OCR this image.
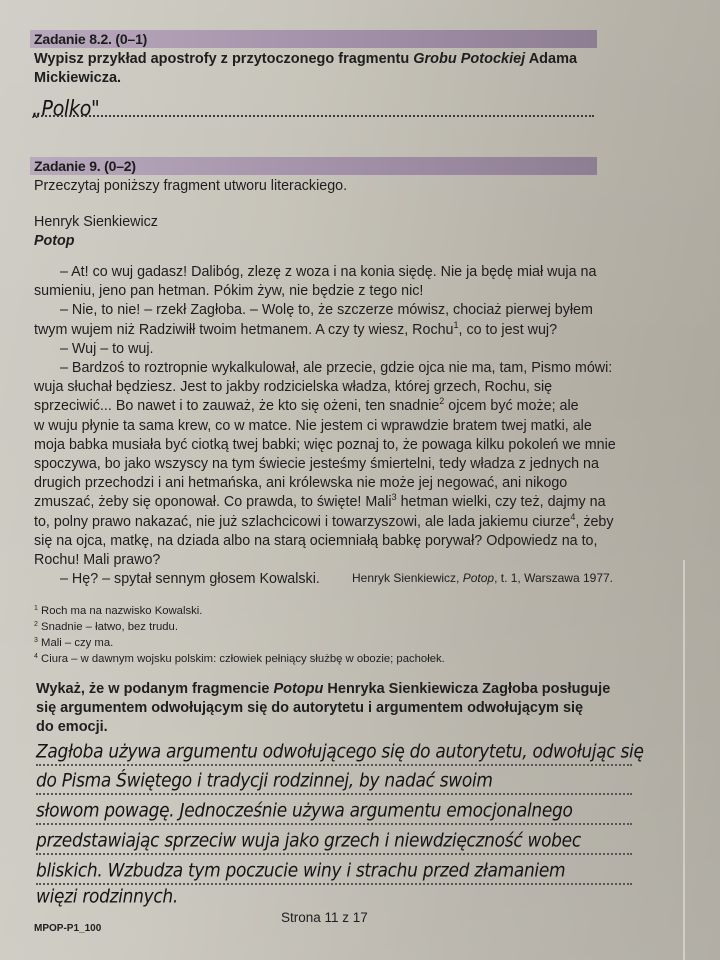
Zadanie 8.2. (0–1)
Wypisz przykład apostrofy z przytoczonego fragmentu Grobu Potockiej Adama
Mickiewicza.
„Polko"
Zadanie 9. (0–2)
Przeczytaj poniższy fragment utworu literackiego.
Henryk Sienkiewicz
Potop

– At! co wuj gadasz! Dalibóg, zlezę z woza i na konia siędę. Nie ja będę miał wuja na

sumieniu, jeno pan hetman. Pókim żyw, nie będzie z tego nic!

– Nie, to nie! – rzekł Zagłoba. – Wolę to, że szczerze mówisz, chociaż pierwej byłem

twym wujem niż Radziwiłł twoim hetmanem. A czy ty wiesz, Rochu$^1$, co to jest wuj?

– Wuj – to wuj.

– Bardzoś to roztropnie wykalkulował, ale przecie, gdzie ojca nie ma, tam, Pismo mówi:

wuja słuchał będziesz. Jest to jakby rodzicielska władza, której grzech, Rochu, się

sprzeciwić... Bo nawet i to zauważ, że kto się ożeni, ten snadnie$^2$ ojcem być może; ale

w wuju płynie ta sama krew, co w matce. Nie jestem ci wprawdzie bratem twej matki, ale

moja babka musiała być ciotką twej babki; więc poznaj to, że powaga kilku pokoleń we mnie

spoczywa, bo jako wszyscy na tym świecie jesteśmy śmiertelni, tedy władza z jednych na

drugich przechodzi i ani hetmańska, ani królewska nie może jej negować, ani nikogo

zmuszać, żeby się oponował. Co prawda, to święte! Mali$^3$ hetman wielki, czy też, dajmy na

to, polny prawo nakazać, nie już szlachcicowi i towarzyszowi, ale lada jakiemu ciurze$^4$, żeby

się na ojca, matkę, na dziada albo na starą ociemniałą babkę porywał? Odpowiedz na to,

Rochu! Mali prawo?

– Hę? – spytał sennym głosem Kowalski.	Henryk Sienkiewicz, Potop, t. 1, Warszawa 1977.
$^1$ Roch ma na nazwisko Kowalski.
$^2$ Snadnie – łatwo, bez trudu.
$^3$ Mali – czy ma.
$^4$ Ciura – w dawnym wojsku polskim: człowiek pełniący służbę w obozie; pachołek.
Wykaż, że w podanym fragmencie Potopu Henryka Sienkiewicza Zagłoba posługuje
się argumentem odwołującym się do autorytetu i argumentem odwołującym się
do emocji.
Zagłoba używa argumentu odwołującego się do autorytetu, odwołując się
do Pisma Świętego i tradycji rodzinnej, by nadać swoim
słowom powagę. Jednocześnie używa argumentu emocjonalnego
przedstawiając sprzeciw wuja jako grzech i niewdzięczność wobec
bliskich. Wzbudza tym poczucie winy i strachu przed złamaniem
więzi rodzinnych.
Strona 11 z 17
MPOP-P1_100
